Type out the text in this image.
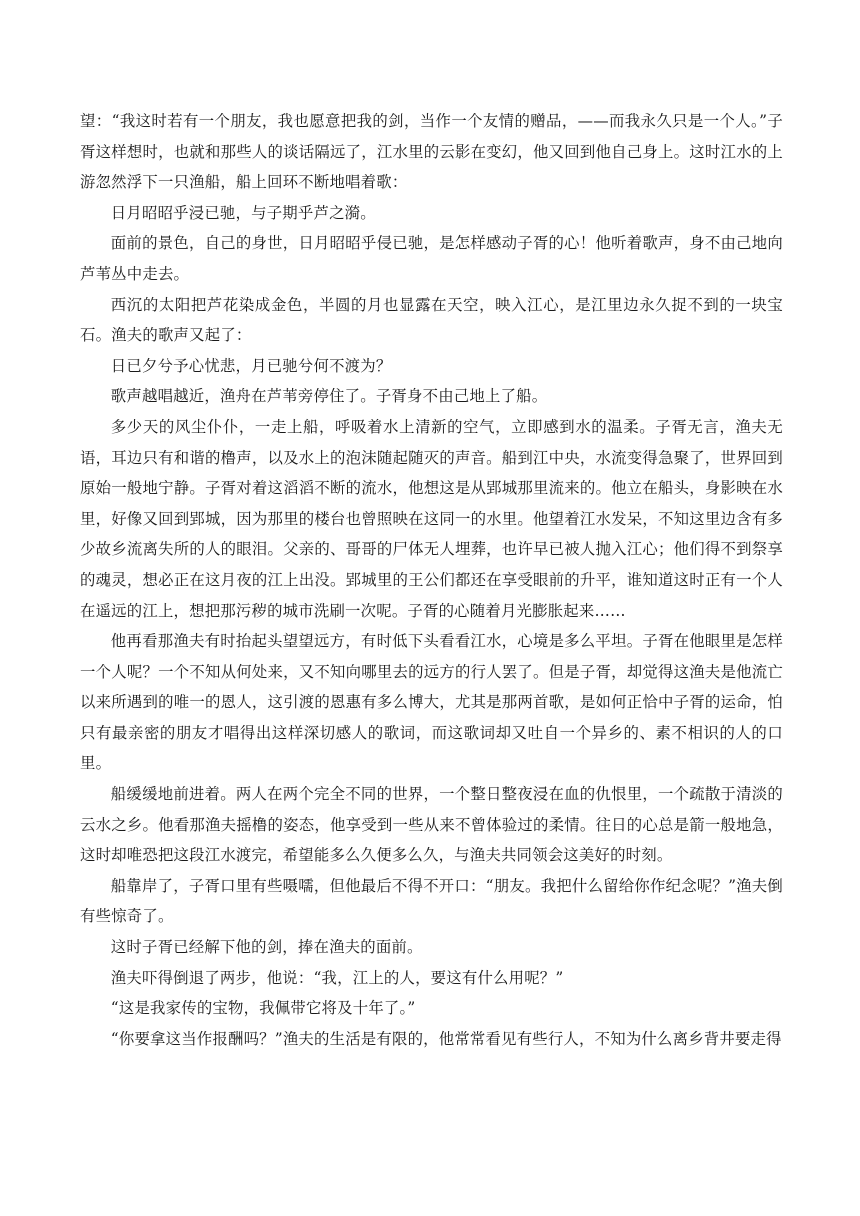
望：“我这时若有一个朋友，我也愿意把我的剑，当作一个友情的赠品，——而我永久只是一个人。”子胥这样想时，也就和那些人的谈话隔远了，江水里的云影在变幻，他又回到他自己身上。这时江水的上游忽然浮下一只渔船，船上回环不断地唱着歌：

日月昭昭乎浸已驰，与子期乎芦之漪。

面前的景色，自己的身世，日月昭昭乎侵已驰，是怎样感动子胥的心！他听着歌声，身不由己地向芦苇丛中走去。

西沉的太阳把芦花染成金色，半圆的月也显露在天空，映入江心，是江里边永久捉不到的一块宝石。渔夫的歌声又起了：

日已夕兮予心忧悲，月已驰兮何不渡为？

歌声越唱越近，渔舟在芦苇旁停住了。子胥身不由己地上了船。

多少天的风尘仆仆，一走上船，呼吸着水上清新的空气，立即感到水的温柔。子胥无言，渔夫无语，耳边只有和谐的橹声，以及水上的泡沫随起随灭的声音。船到江中央，水流变得急聚了，世界回到原始一般地宁静。子胥对着这滔滔不断的流水，他想这是从郢城那里流来的。他立在船头，身影映在水里，好像又回到郢城，因为那里的楼台也曾照映在这同一的水里。他望着江水发呆，不知这里边含有多少故乡流离失所的人的眼泪。父亲的、哥哥的尸体无人埋葬，也许早已被人抛入江心；他们得不到祭享的魂灵，想必正在这月夜的江上出没。郢城里的王公们都还在享受眼前的升平，谁知道这时正有一个人在遥远的江上，想把那污秽的城市洗刷一次呢。子胥的心随着月光膨胀起来……

他再看那渔夫有时抬起头望望远方，有时低下头看看江水，心境是多么平坦。子胥在他眼里是怎样一个人呢？一个不知从何处来，又不知向哪里去的远方的行人罢了。但是子胥，却觉得这渔夫是他流亡以来所遇到的唯一的恩人，这引渡的恩惠有多么博大，尤其是那两首歌，是如何正恰中子胥的运命，怕只有最亲密的朋友才唱得出这样深切感人的歌词，而这歌词却又吐自一个异乡的、素不相识的人的口里。

船缓缓地前进着。两人在两个完全不同的世界，一个整日整夜浸在血的仇恨里，一个疏散于清淡的云水之乡。他看那渔夫摇橹的姿态，他享受到一些从来不曾体验过的柔情。往日的心总是箭一般地急，这时却唯恐把这段江水渡完，希望能多么久便多么久，与渔夫共同领会这美好的时刻。

船靠岸了，子胥口里有些嗫嚅，但他最后不得不开口：“朋友。我把什么留给你作纪念呢？”渔夫倒有些惊奇了。

这时子胥已经解下他的剑，捧在渔夫的面前。

渔夫吓得倒退了两步，他说：“我，江上的人，要这有什么用呢？”

“这是我家传的宝物，我佩带它将及十年了。”

“你要拿这当作报酬吗？”渔夫的生活是有限的，他常常看见有些行人，不知为什么离乡背井要走得
